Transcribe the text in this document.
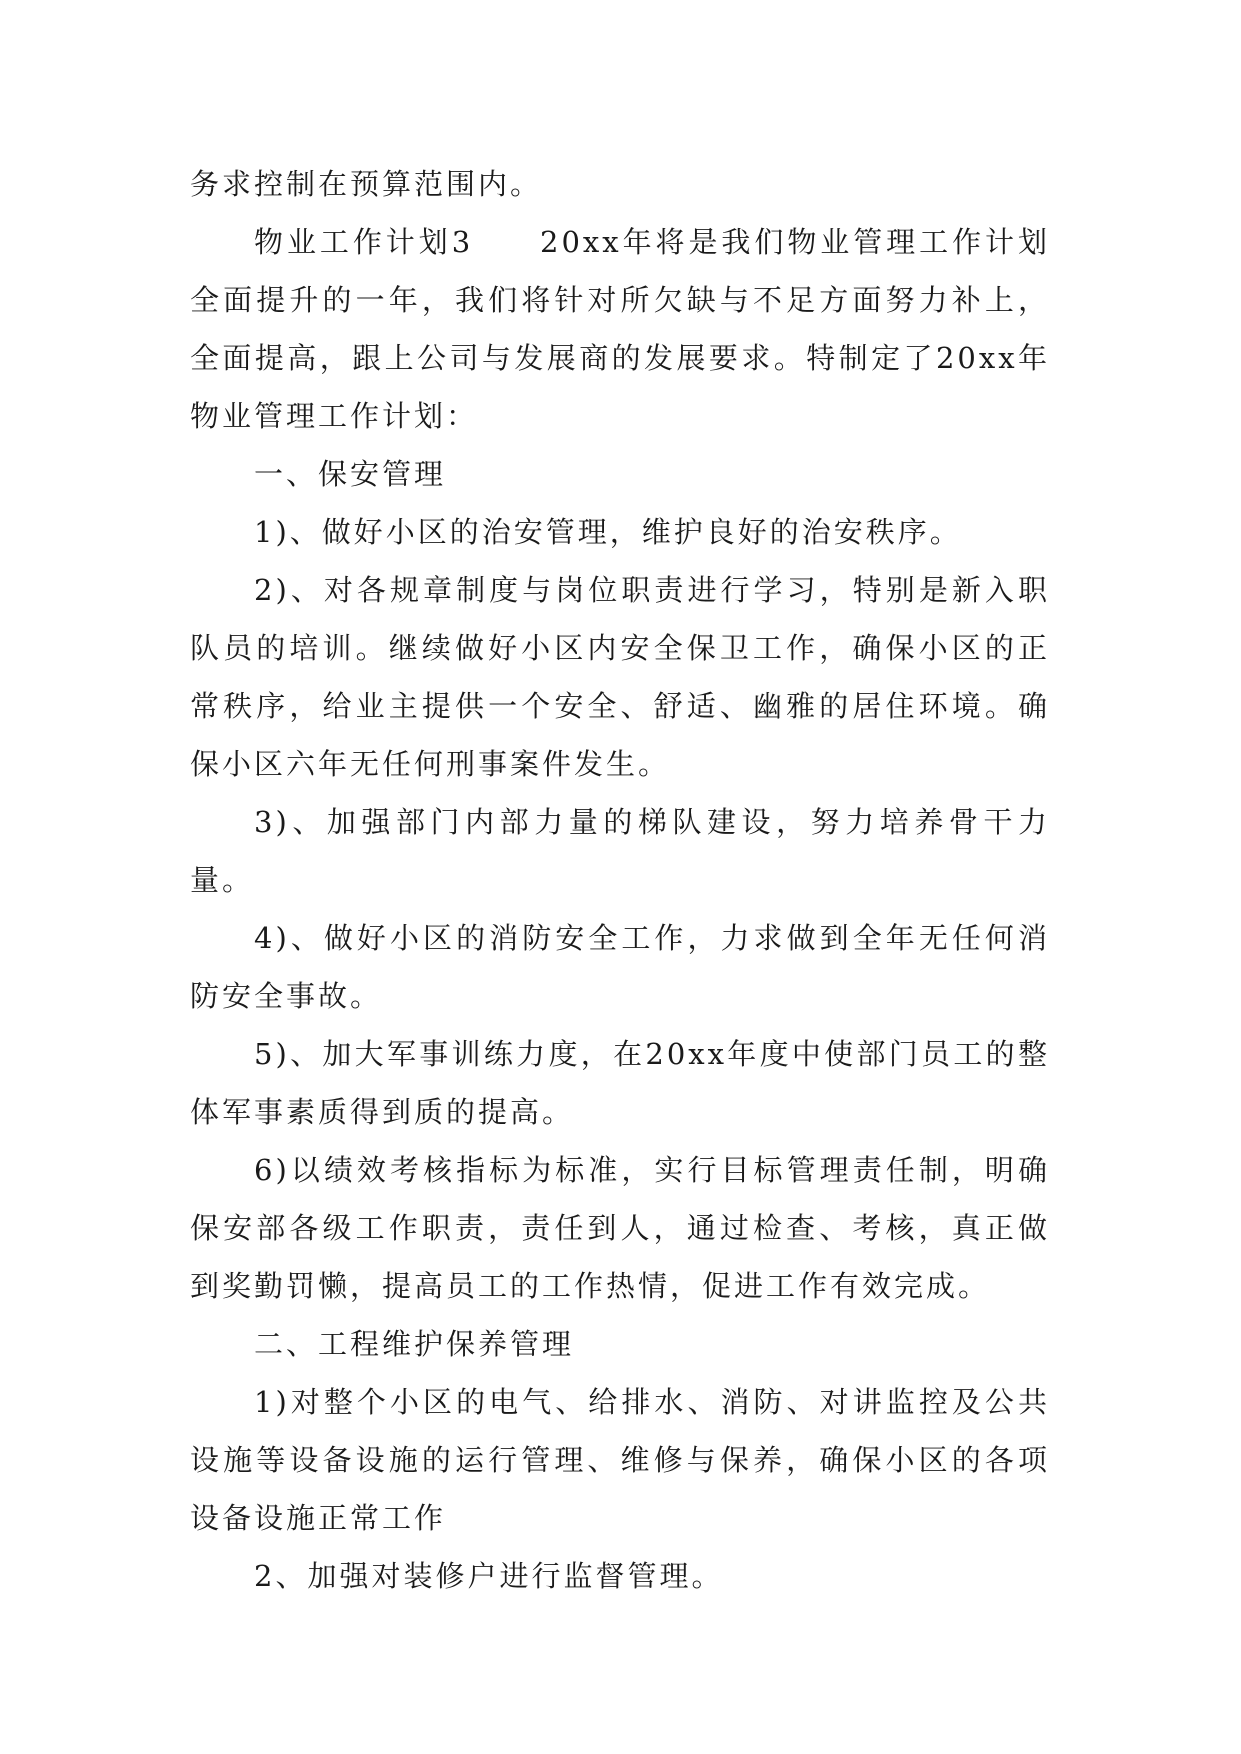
务求控制在预算范围内。

物业工作计划3　　20xx年将是我们物业管理工作计划全面提升的一年，我们将针对所欠缺与不足方面努力补上，全面提高，跟上公司与发展商的发展要求。特制定了20xx年物业管理工作计划：

一、保安管理

1)、做好小区的治安管理，维护良好的治安秩序。

2)、对各规章制度与岗位职责进行学习，特别是新入职队员的培训。继续做好小区内安全保卫工作，确保小区的正常秩序，给业主提供一个安全、舒适、幽雅的居住环境。确保小区六年无任何刑事案件发生。

3)、加强部门内部力量的梯队建设，努力培养骨干力量。

4)、做好小区的消防安全工作，力求做到全年无任何消防安全事故。

5)、加大军事训练力度，在20xx年度中使部门员工的整体军事素质得到质的提高。

6)以绩效考核指标为标准，实行目标管理责任制，明确保安部各级工作职责，责任到人，通过检查、考核，真正做到奖勤罚懒，提高员工的工作热情，促进工作有效完成。

二、工程维护保养管理

1)对整个小区的电气、给排水、消防、对讲监控及公共设施等设备设施的运行管理、维修与保养，确保小区的各项设备设施正常工作

2、加强对装修户进行监督管理。
